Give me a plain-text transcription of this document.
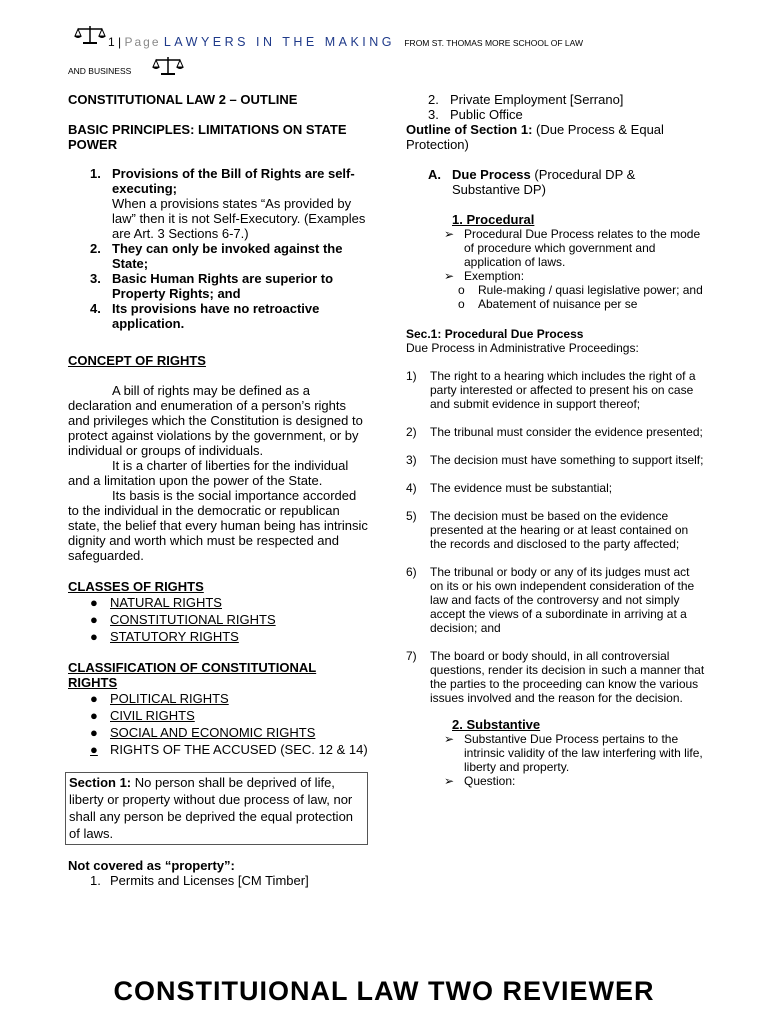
1 | Page LAWYERS IN THE MAKING FROM ST. THOMAS MORE SCHOOL OF LAW
AND BUSINESS

CONSTITUTIONAL LAW 2 – OUTLINE

BASIC PRINCIPLES: LIMITATIONS ON STATE POWER

1. Provisions of the Bill of Rights are self-executing;
When a provisions states “As provided by law” then it is not Self-Executory. (Examples are Art. 3 Sections 6-7.)
2. They can only be invoked against the State;
3. Basic Human Rights are superior to Property Rights; and
4. Its provisions have no retroactive application.

CONCEPT OF RIGHTS

A bill of rights may be defined as a declaration and enumeration of a person’s rights and privileges which the Constitution is designed to protect against violations by the government, or by individual or groups of individuals.

It is a charter of liberties for the individual and a limitation upon the power of the State.

Its basis is the social importance accorded to the individual in the democratic or republican state, the belief that every human being has intrinsic dignity and worth which must be respected and safeguarded.

CLASSES OF RIGHTS

● NATURAL RIGHTS
● CONSTITUTIONAL RIGHTS
● STATUTORY RIGHTS

CLASSIFICATION OF CONSTITUTIONAL RIGHTS

● POLITICAL RIGHTS
● CIVIL RIGHTS
● SOCIAL AND ECONOMIC RIGHTS
● RIGHTS OF THE ACCUSED (SEC. 12 & 14)
Section 1: No person shall be deprived of life, liberty or property without due process of law, nor shall any person be deprived the equal protection of laws.

Not covered as “property”:

1. Permits and Licenses [CM Timber]
2. Private Employment [Serrano]
3. Public Office

Outline of Section 1: (Due Process & Equal Protection)

A. Due Process (Procedural DP & Substantive DP)

1. Procedural

➢ Procedural Due Process relates to the mode of procedure which government and application of laws.
➢ Exemption:
o Rule-making / quasi legislative power; and
o Abatement of nuisance per se

Sec.1: Procedural Due Process

Due Process in Administrative Proceedings:

1) The right to a hearing which includes the right of a party interested or affected to present his on case and submit evidence in support thereof;
2) The tribunal must consider the evidence presented;
3) The decision must have something to support itself;
4) The evidence must be substantial;
5) The decision must be based on the evidence presented at the hearing or at least contained on the records and disclosed to the party affected;
6) The tribunal or body or any of its judges must act on its or his own independent consideration of the law and facts of the controversy and not simply accept the views of a subordinate in arriving at a decision; and
7) The board or body should, in all controversial questions, render its decision in such a manner that the parties to the proceeding can know the various issues involved and the reason for the decision.

2. Substantive

➢ Substantive Due Process pertains to the intrinsic validity of the law interfering with life, liberty and property.
➢ Question:
CONSTITUIONAL LAW TWO REVIEWER
